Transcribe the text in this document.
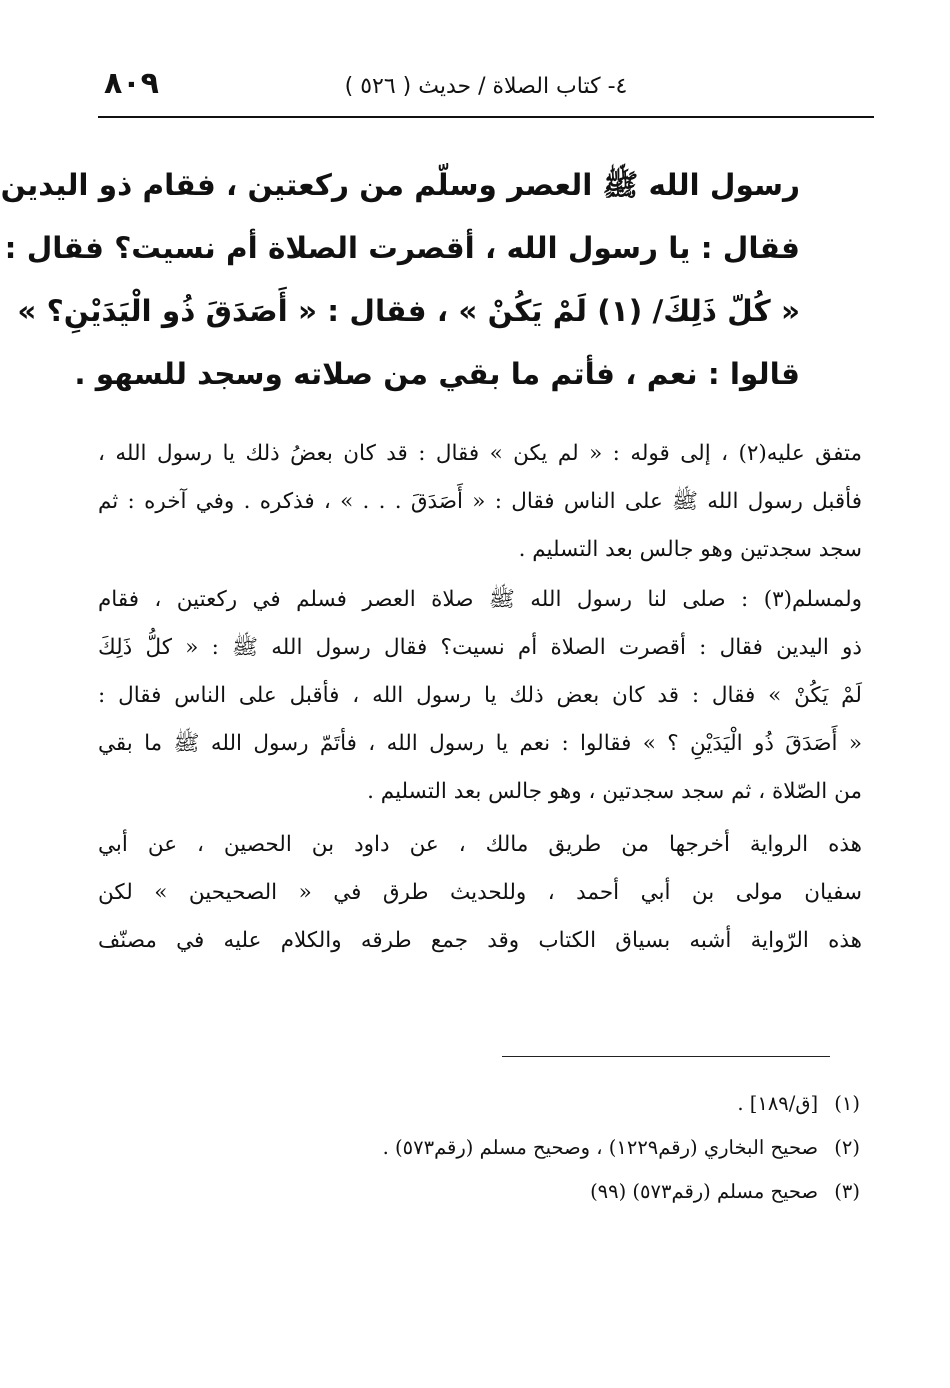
٨٠٩	٤- كتاب الصلاة / حديث ( ٥٢٦ )
رسول الله ﷺ العصر وسلّم من ركعتين ، فقام ذو اليدين
فقال : يا رسول الله ، أقصرت الصلاة أم نسيت؟ فقال :
« كُلّ ذَلِكَ/ (١) لَمْ يَكُنْ » ، فقال : « أَصَدَقَ ذُو الْيَدَيْنِ؟ »
قالوا : نعم ، فأتم ما بقي من صلاته وسجد للسهو .
متفق عليه(٢) ، إلى قوله : « لم يكن » فقال : قد كان بعضُ ذلك يا رسول الله ،
فأقبل رسول الله ﷺ على الناس فقال : « أَصَدَقَ . . . » ، فذكره . وفي آخره : ثم
سجد سجدتين وهو جالس بعد التسليم .
ولمسلم(٣) : صلى لنا رسول الله ﷺ صلاة العصر فسلم في ركعتين ، فقام
ذو اليدين فقال : أقصرت الصلاة أم نسيت؟ فقال رسول الله ﷺ : « كلُّ ذَلِكَ
لَمْ يَكُنْ » فقال : قد كان بعض ذلك يا رسول الله ، فأقبل على الناس فقال :
« أَصَدَقَ ذُو الْيَدَيْنِ ؟ » فقالوا : نعم يا رسول الله ، فأتَمّ رسول الله ﷺ ما بقي
من الصّلاة ، ثم سجد سجدتين ، وهو جالس بعد التسليم .
هذه الرواية أخرجها من طريق مالك ، عن داود بن الحصين ، عن أبي
سفيان مولى بن أبي أحمد ، وللحديث طرق في « الصحيحين » لكن
هذه الرّواية أشبه بسياق الكتاب وقد جمع طرقه والكلام عليه في مصنّف
(١) [ق/١٨٩] .
(٢) صحيح البخاري (رقم١٢٢٩) ، وصحيح مسلم (رقم٥٧٣) .
(٣) صحيح مسلم (رقم٥٧٣) (٩٩)
